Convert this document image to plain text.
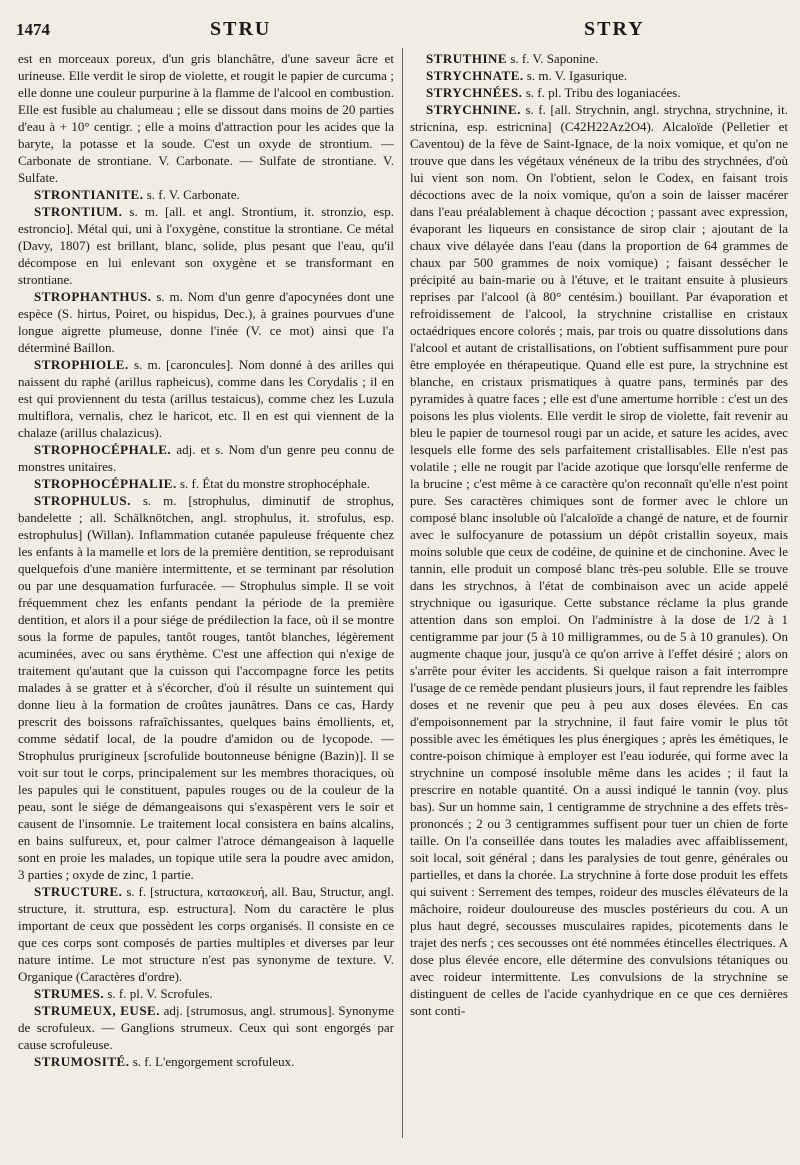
1474	STRU	STRY

est en morceaux poreux, d'un gris blanchâtre, d'une saveur âcre et urineuse. Elle verdit le sirop de violette, et rougit le papier de curcuma ; elle donne une couleur purpurine à la flamme de l'alcool en combustion. Elle est fusible au chalumeau ; elle se dissout dans moins de 20 parties d'eau à + 10° centigr. ; elle a moins d'attraction pour les acides que la baryte, la potasse et la soude. C'est un oxyde de strontium. — Carbonate de strontiane. V. Carbonate. — Sulfate de strontiane. V. Sulfate.

STRONTIANITE. s. f. V. Carbonate.

STRONTIUM. s. m. [all. et angl. Strontium, it. stronzio, esp. estroncio]. Métal qui, uni à l'oxygène, constitue la strontiane. Ce métal (Davy, 1807) est brillant, blanc, solide, plus pesant que l'eau, qu'il décompose en lui enlevant son oxygène et se transformant en strontiane.

STROPHANTHUS. s. m. Nom d'un genre d'apocynées dont une espèce (S. hirtus, Poiret, ou hispidus, Dec.), à graines pourvues d'une longue aigrette plumeuse, donne l'inée (V. ce mot) ainsi que l'a déterminé Baillon.

STROPHIOLE. s. m. [caroncules]. Nom donné à des arilles qui naissent du raphé (arillus rapheicus), comme dans les Corydalis ; il en est qui proviennent du testa (arillus testaicus), comme chez les Luzula multiflora, vernalis, chez le haricot, etc. Il en est qui viennent de la chalaze (arillus chalazicus).

STROPHOCÉPHALE. adj. et s. Nom d'un genre peu connu de monstres unitaires.

STROPHOCÉPHALIE. s. f. État du monstre strophocéphale.

STROPHULUS. s. m. [strophulus, diminutif de strophus, bandelette ; all. Schälknötchen, angl. strophulus, it. strofulus, esp. estrophulus] (Willan). Inflammation cutanée papuleuse fréquente chez les enfants à la mamelle et lors de la première dentition, se reproduisant quelquefois d'une manière intermittente, et se terminant par résolution ou par une desquamation furfuracée. — Strophulus simple. Il se voit fréquemment chez les enfants pendant la période de la première dentition, et alors il a pour siége de prédilection la face, où il se montre sous la forme de papules, tantôt rouges, tantôt blanches, légèrement acuminées, avec ou sans érythème. C'est une affection qui n'exige de traitement qu'autant que la cuisson qui l'accompagne force les petits malades à se gratter et à s'écorcher, d'où il résulte un suintement qui donne lieu à la formation de croûtes jaunâtres. Dans ce cas, Hardy prescrit des boissons rafraîchissantes, quelques bains émollients, et, comme sédatif local, de la poudre d'amidon ou de lycopode. — Strophulus prurigineux [scrofulide boutonneuse bénigne (Bazin)]. Il se voit sur tout le corps, principalement sur les membres thoraciques, où les papules qui le constituent, papules rouges ou de la couleur de la peau, sont le siége de démangeaisons qui s'exaspèrent vers le soir et causent de l'insomnie. Le traitement local consistera en bains alcalins, en bains sulfureux, et, pour calmer l'atroce démangeaison à laquelle sont en proie les malades, un topique utile sera la poudre avec amidon, 3 parties ; oxyde de zinc, 1 partie.

STRUCTURE. s. f. [structura, κατασκευή, all. Bau, Structur, angl. structure, it. struttura, esp. estructura]. Nom du caractère le plus important de ceux que possèdent les corps organisés. Il consiste en ce que ces corps sont composés de parties multiples et diverses par leur nature intime. Le mot structure n'est pas synonyme de texture. V. Organique (Caractères d'ordre).

STRUMES. s. f. pl. V. Scrofules.

STRUMEUX, EUSE. adj. [strumosus, angl. strumous]. Synonyme de scrofuleux. — Ganglions strumeux. Ceux qui sont engorgés par cause scrofuleuse.

STRUMOSITÉ. s. f. L'engorgement scrofuleux.

STRUTHINE s. f. V. Saponine.

STRYCHNATE. s. m. V. Igasurique.

STRYCHNÉES. s. f. pl. Tribu des loganiacées.

STRYCHNINE. s. f. [all. Strychnin, angl. strychna, strychnine, it. stricnina, esp. estricnina] (C42H22Az2O4). Alcaloïde (Pelletier et Caventou) de la fève de Saint-Ignace, de la noix vomique, et qu'on ne trouve que dans les végétaux vénéneux de la tribu des strychnées, d'où lui vient son nom. On l'obtient, selon le Codex, en faisant trois décoctions avec de la noix vomique, qu'on a soin de laisser macérer dans l'eau préalablement à chaque décoction ; passant avec expression, évaporant les liqueurs en consistance de sirop clair ; ajoutant de la chaux vive délayée dans l'eau (dans la proportion de 64 grammes de chaux par 500 grammes de noix vomique) ; faisant dessécher le précipité au bain-marie ou à l'étuve, et le traitant ensuite à plusieurs reprises par l'alcool (à 80° centésim.) bouillant. Par évaporation et refroidissement de l'alcool, la strychnine cristallise en cristaux octaédriques encore colorés ; mais, par trois ou quatre dissolutions dans l'alcool et autant de cristallisations, on l'obtient suffisamment pure pour être employée en thérapeutique. Quand elle est pure, la strychnine est blanche, en cristaux prismatiques à quatre pans, terminés par des pyramides à quatre faces ; elle est d'une amertume horrible : c'est un des poisons les plus violents. Elle verdit le sirop de violette, fait revenir au bleu le papier de tournesol rougi par un acide, et sature les acides, avec lesquels elle forme des sels parfaitement cristallisables. Elle n'est pas volatile ; elle ne rougit par l'acide azotique que lorsqu'elle renferme de la brucine ; c'est même à ce caractère qu'on reconnaît qu'elle n'est point pure. Ses caractères chimiques sont de former avec le chlore un composé blanc insoluble où l'alcaloïde a changé de nature, et de fournir avec le sulfocyanure de potassium un dépôt cristallin soyeux, mais moins soluble que ceux de codéine, de quinine et de cinchonine. Avec le tannin, elle produit un composé blanc très-peu soluble. Elle se trouve dans les strychnos, à l'état de combinaison avec un acide appelé strychnique ou igasurique. Cette substance réclame la plus grande attention dans son emploi. On l'administre à la dose de 1/2 à 1 centigramme par jour (5 à 10 milligrammes, ou de 5 à 10 granules). On augmente chaque jour, jusqu'à ce qu'on arrive à l'effet désiré ; alors on s'arrête pour éviter les accidents. Si quelque raison a fait interrompre l'usage de ce remède pendant plusieurs jours, il faut reprendre les faibles doses et ne revenir que peu à peu aux doses élevées. En cas d'empoisonnement par la strychnine, il faut faire vomir le plus tôt possible avec les émétiques les plus énergiques ; après les émétiques, le contre-poison chimique à employer est l'eau iodurée, qui forme avec la strychnine un composé insoluble même dans les acides ; il faut la prescrire en notable quantité. On a aussi indiqué le tannin (voy. plus bas). Sur un homme sain, 1 centigramme de strychnine a des effets très-prononcés ; 2 ou 3 centigrammes suffisent pour tuer un chien de forte taille. On l'a conseillée dans toutes les maladies avec affaiblissement, soit local, soit général ; dans les paralysies de tout genre, générales ou partielles, et dans la chorée. La strychnine à forte dose produit les effets qui suivent : Serrement des tempes, roideur des muscles élévateurs de la mâchoire, roideur douloureuse des muscles postérieurs du cou. A un plus haut degré, secousses musculaires rapides, picotements dans le trajet des nerfs ; ces secousses ont été nommées étincelles électriques. A dose plus élevée encore, elle détermine des convulsions tétaniques ou avec roideur intermittente. Les convulsions de la strychnine se distinguent de celles de l'acide cyanhydrique en ce que ces dernières sont conti-
